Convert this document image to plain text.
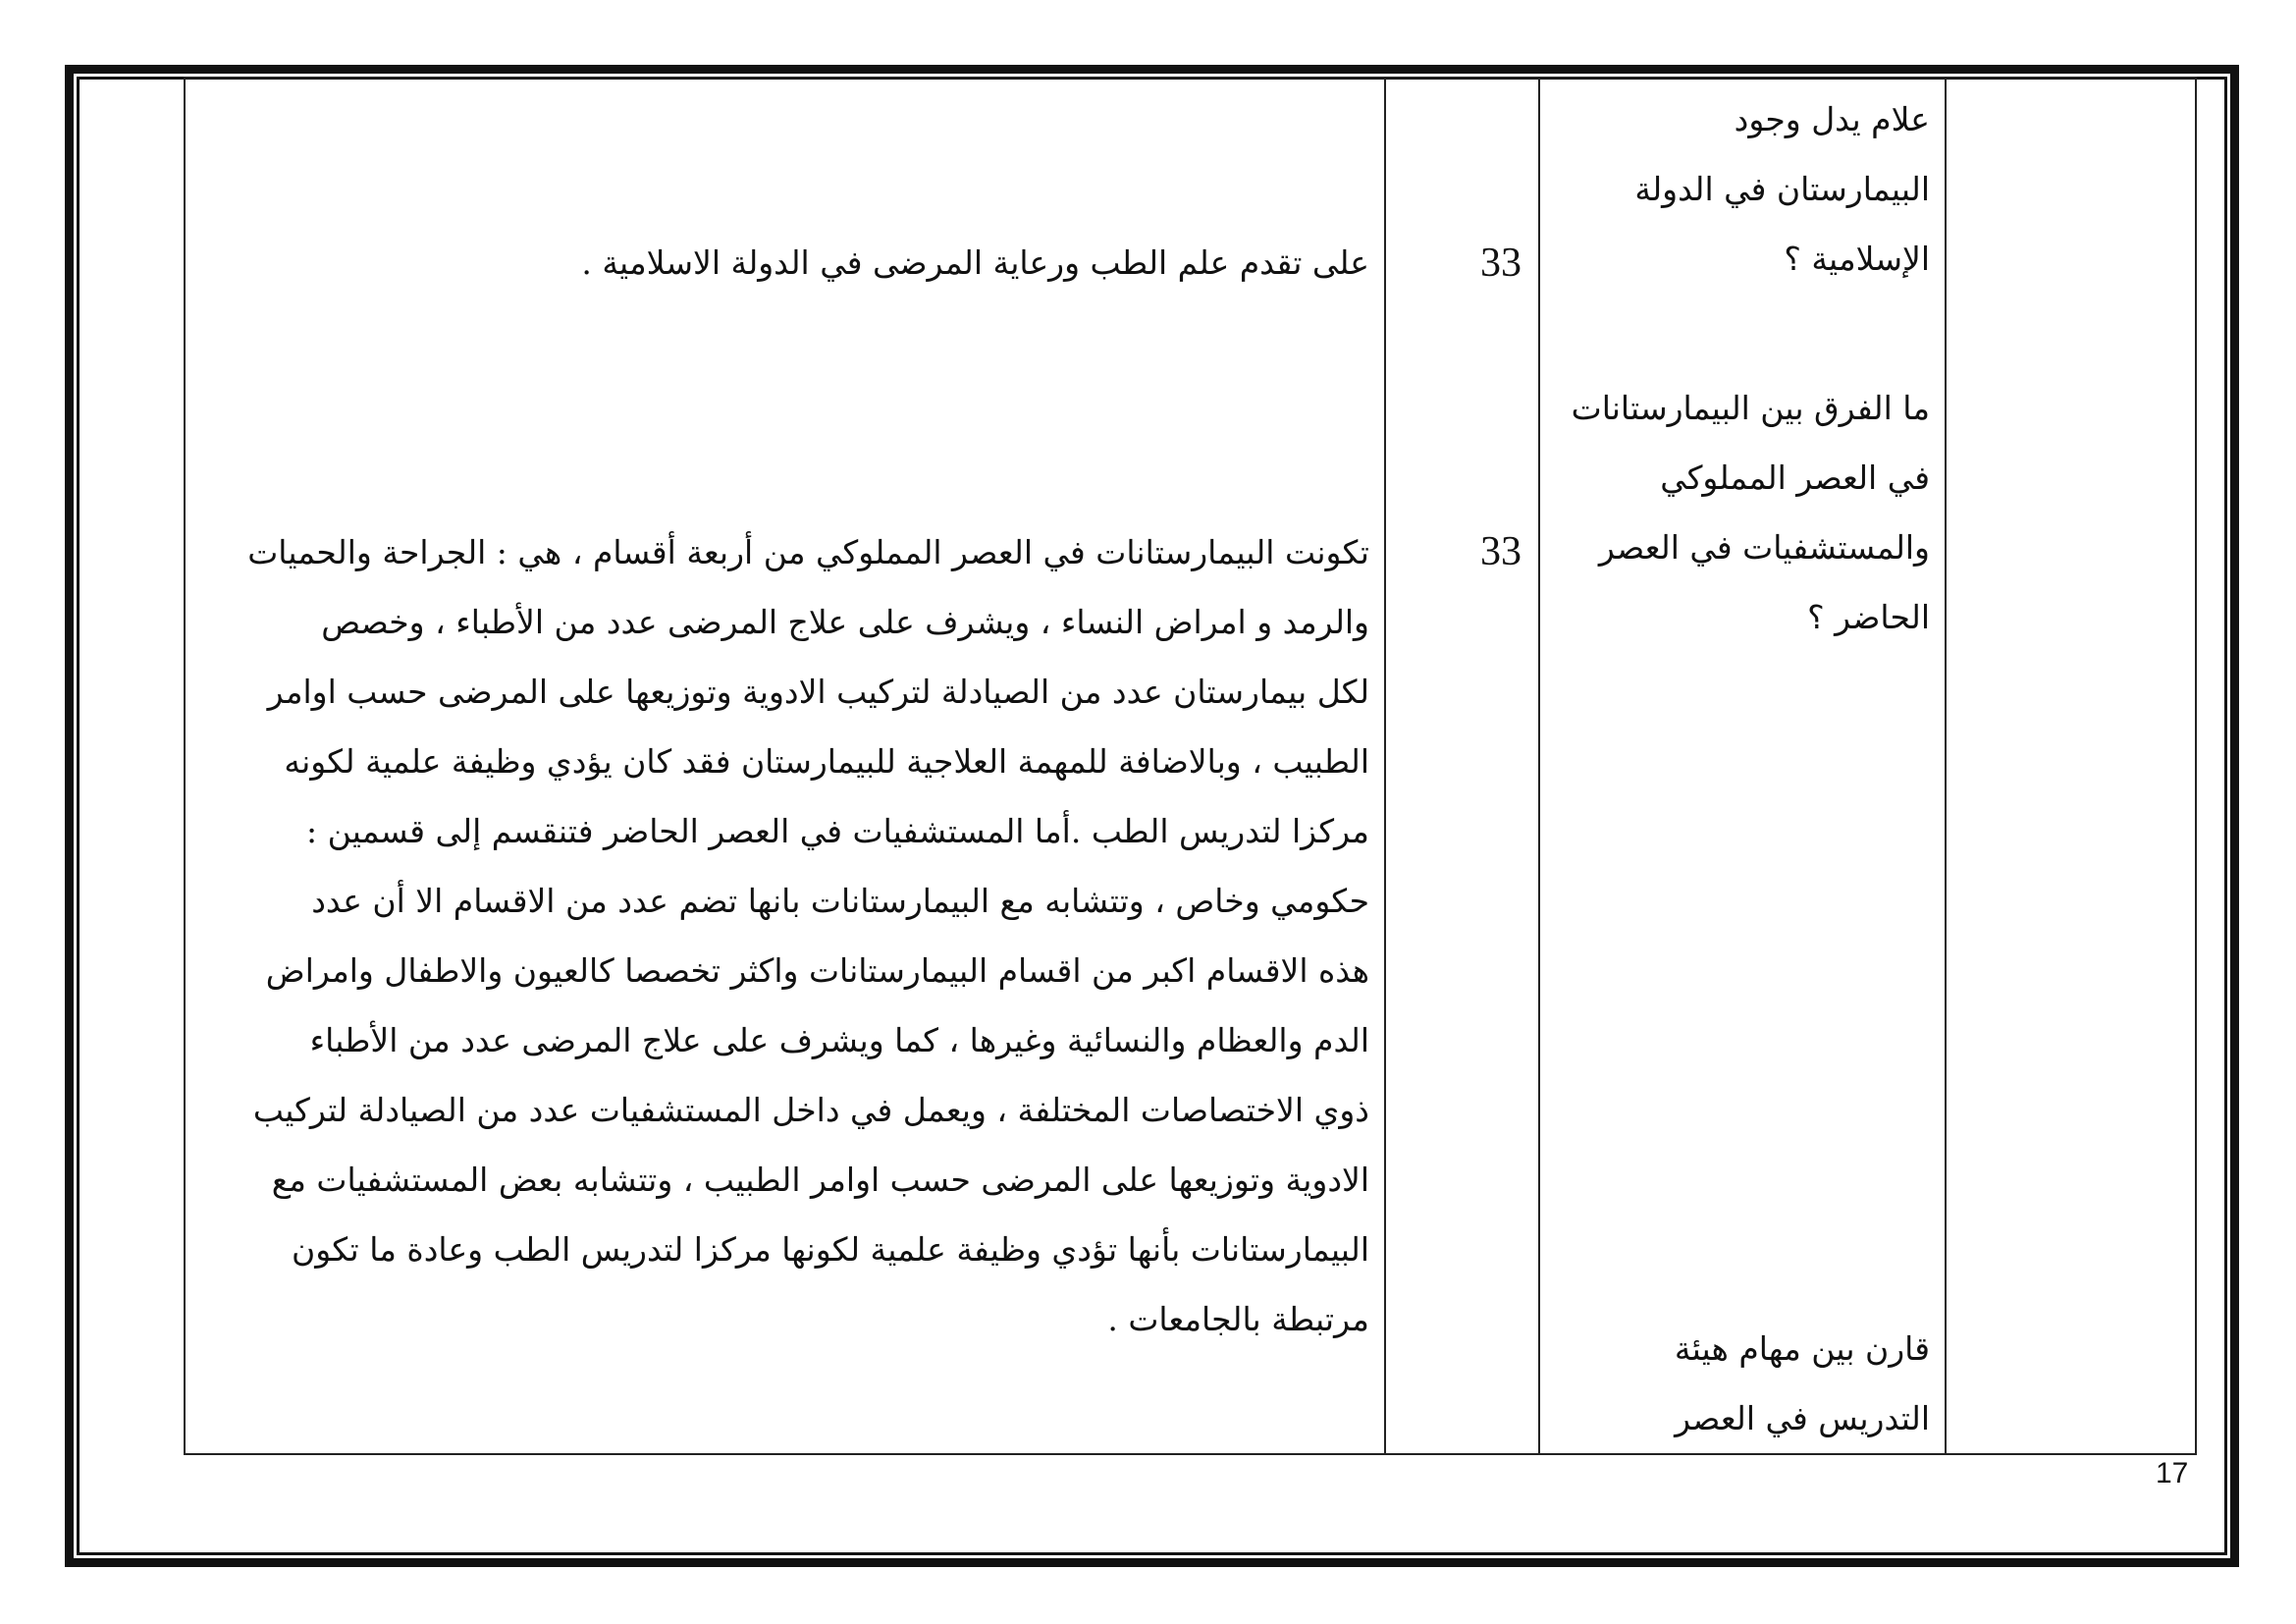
علام يدل وجود

البيمارستان في الدولة

الإسلامية ؟

33

على تقدم علم الطب ورعاية المرضى في الدولة الاسلامية .

ما الفرق بين البيمارستانات

في العصر المملوكي

والمستشفيات في العصر

الحاضر ؟

33

تكونت البيمارستانات في العصر المملوكي من أربعة أقسام ، هي : الجراحة والحميات

والرمد و امراض النساء ، ويشرف على علاج المرضى عدد من الأطباء ، وخصص

لكل بيمارستان عدد من الصيادلة لتركيب الادوية وتوزيعها على المرضى حسب اوامر

الطبيب ، وبالاضافة للمهمة العلاجية للبيمارستان فقد كان يؤدي وظيفة علمية لكونه

مركزا لتدريس الطب .أما المستشفيات في العصر الحاضر فتنقسم إلى قسمين :

حكومي وخاص ، وتتشابه مع البيمارستانات بانها تضم عدد من الاقسام الا أن عدد

هذه الاقسام اكبر من اقسام البيمارستانات واكثر تخصصا كالعيون والاطفال وامراض

الدم والعظام والنسائية وغيرها ، كما ويشرف على علاج المرضى عدد من الأطباء

ذوي الاختصاصات المختلفة ، ويعمل في داخل المستشفيات عدد من الصيادلة لتركيب

الادوية وتوزيعها على المرضى حسب اوامر الطبيب ، وتتشابه بعض المستشفيات مع

البيمارستانات بأنها تؤدي وظيفة علمية لكونها مركزا لتدريس الطب وعادة ما تكون

مرتبطة بالجامعات .

قارن بين مهام هيئة

التدريس في العصر

17
